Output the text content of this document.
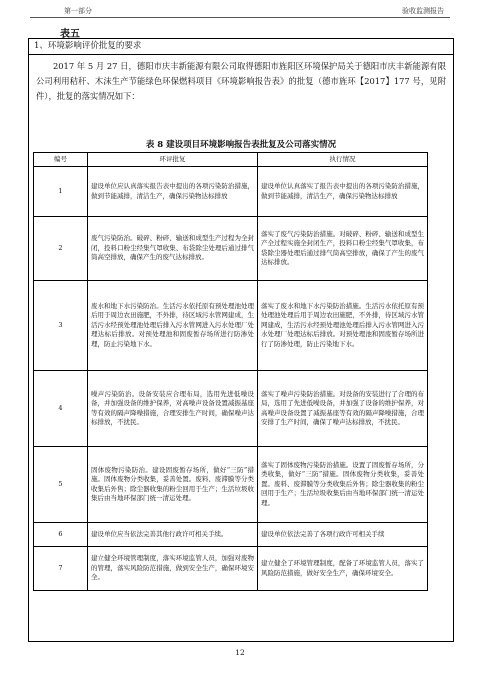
第一部分	验收监测报告
表五
1、环境影响评价批复的要求
2017 年 5 月 27 日，德阳市庆丰新能源有限公司取得德阳市旌阳区环境保护局关于德阳市庆丰新能源有限公司利用秸秆、木沫生产节能绿色环保燃料项目《环境影响报告表》的批复（德市旌环【2017】177 号，见附件），批复的落实情况如下：
表 8 建设项目环境影响报告表批复及公司落实情况
编号	环评批复	执行情况
1	建设单位应认真落实报告表中提出的各项污染防治措施，做到节能减排，清洁生产，确保污染物达标排放	建设单位认真落实了报告表中提出的各项污染防治措施，做到节能减排，清洁生产，确保污染物达标排放
2	废气污染防治。破碎、粉碎、输送和成型生产过程为全封闭，投料口粉尘经集气罩收集、布袋除尘处理后通过排气筒高空排放，确保产生的废气达标排放。	落实了废气污染防治措施。对破碎、粉碎、输送和成型生产全过程实施全封闭生产，投料口粉尘经集气罩收集，布袋除尘器处理后通过排气筒高空排放，确保了产生的废气达标排放。
3	废水和地下水污染防治。生活污水依托原有预处理池处理后用于周边农田施肥，不外排，待区域污水管网建成，生活污水经预处理池处理后排入污水管网进入污水处理厂处理达标后排放。对预处理池和固废暂存场所进行防渗处理，防止污染地下水。	落实了废水和地下水污染防治措施。生活污水依托原有预处理池处理后用于周边农田施肥，不外排，待区域污水管网建成，生活污水经预处理池处理后排入污水管网进入污水处理厂处理达标后排放。对预处理池和固废暂存场所进行了防渗处理，防止污染地下水。
4	噪声污染防治。设备安装应合理布局，选用先进低噪设备，并加强设备的维护保养，对高噪声设备设置减振基座等有效的隔声降噪措施，合理安排生产时间，确保噪声达标排放，不扰民。	落实了噪声污染防治措施。对设备的安装进行了合理的布局，选用了先进低噪设备，并加强了设备的维护保养，对高噪声设备设置了减振基座等有效的隔声降噪措施，合理安排了生产时间，确保了噪声达标排放，不扰民。
5	固体废物污染防治。建设固废暂存场所，做好“三防”措施。固体废物分类收集，妥善处置。废料、废滞膜等分类收集后外售；除尘器收集的粉尘回用于生产；生活垃圾收集后由当地环保部门统一清运处理。	落实了固体废物污染防治措施。设置了固废暂存场所，分类收集，做好“三防”措施。固体废物分类收集，妥善处置。废料、废滞膜等分类收集后外售；除尘器收集的粉尘回用于生产；生活垃圾收集后由当地环保部门统一清运处理。
6	建设单位应当依法完善其他行政许可相关手续。	建设单位依法完善了各项行政许可相关手续
7	建立健全环境管理制度，落实环境监管人员，加强对废物的管理，落实风险防范措施，做到安全生产，确保环境安全。	建立健全了环境管理制度，配备了环境监管人员，落实了风险防范措施，做好安全生产，确保环境安全。
12
